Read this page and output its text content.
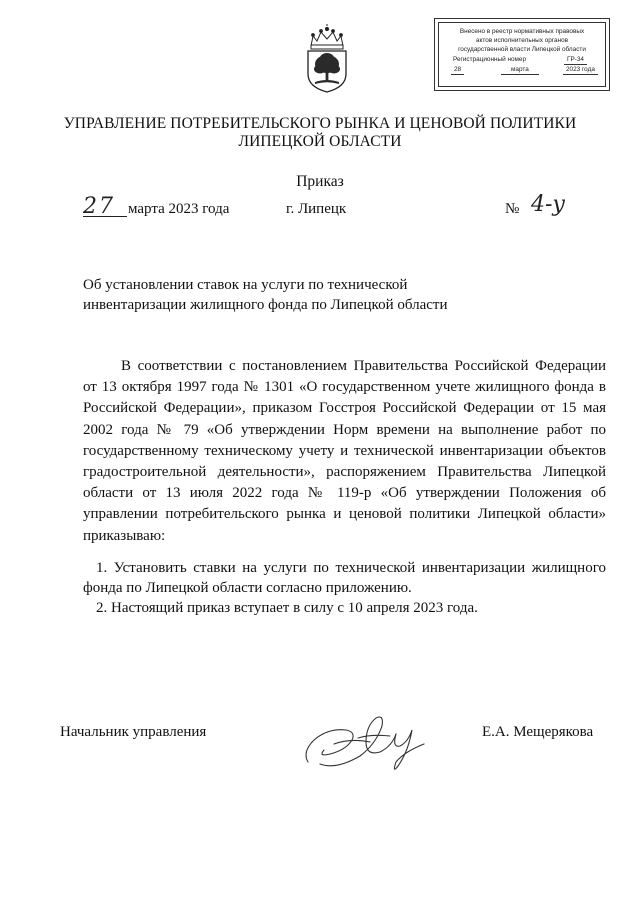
Внесено в реестр нормативных правовых
актов исполнительных органов
государственной власти Липецкой области
Регистрационный номер	ГР-34
28	марта	2023 года
УПРАВЛЕНИЕ ПОТРЕБИТЕЛЬСКОГО РЫНКА И ЦЕНОВОЙ ПОЛИТИКИ
ЛИПЕЦКОЙ ОБЛАСТИ
Приказ
27 марта 2023 года	г. Липецк	№ 4-у
Об установлении ставок на услуги по технической
инвентаризации жилищного фонда по Липецкой области
В соответствии с постановлением Правительства Российской Федерации от 13 октября 1997 года № 1301 «О государственном учете жилищного фонда в Российской Федерации», приказом Госстроя Российской Федерации от 15 мая 2002 года № 79 «Об утверждении Норм времени на выполнение работ по государственному техническому учету и технической инвентаризации объектов градостроительной деятельности», распоряжением Правительства Липецкой области от 13 июля 2022 года № 119-р «Об утверждении Положения об управлении потребительского рынка и ценовой политики Липецкой области» приказываю:
1. Установить ставки на услуги по технической инвентаризации жилищного фонда по Липецкой области согласно приложению.
2. Настоящий приказ вступает в силу с 10 апреля 2023 года.
Начальник управления	Е.А. Мещерякова
